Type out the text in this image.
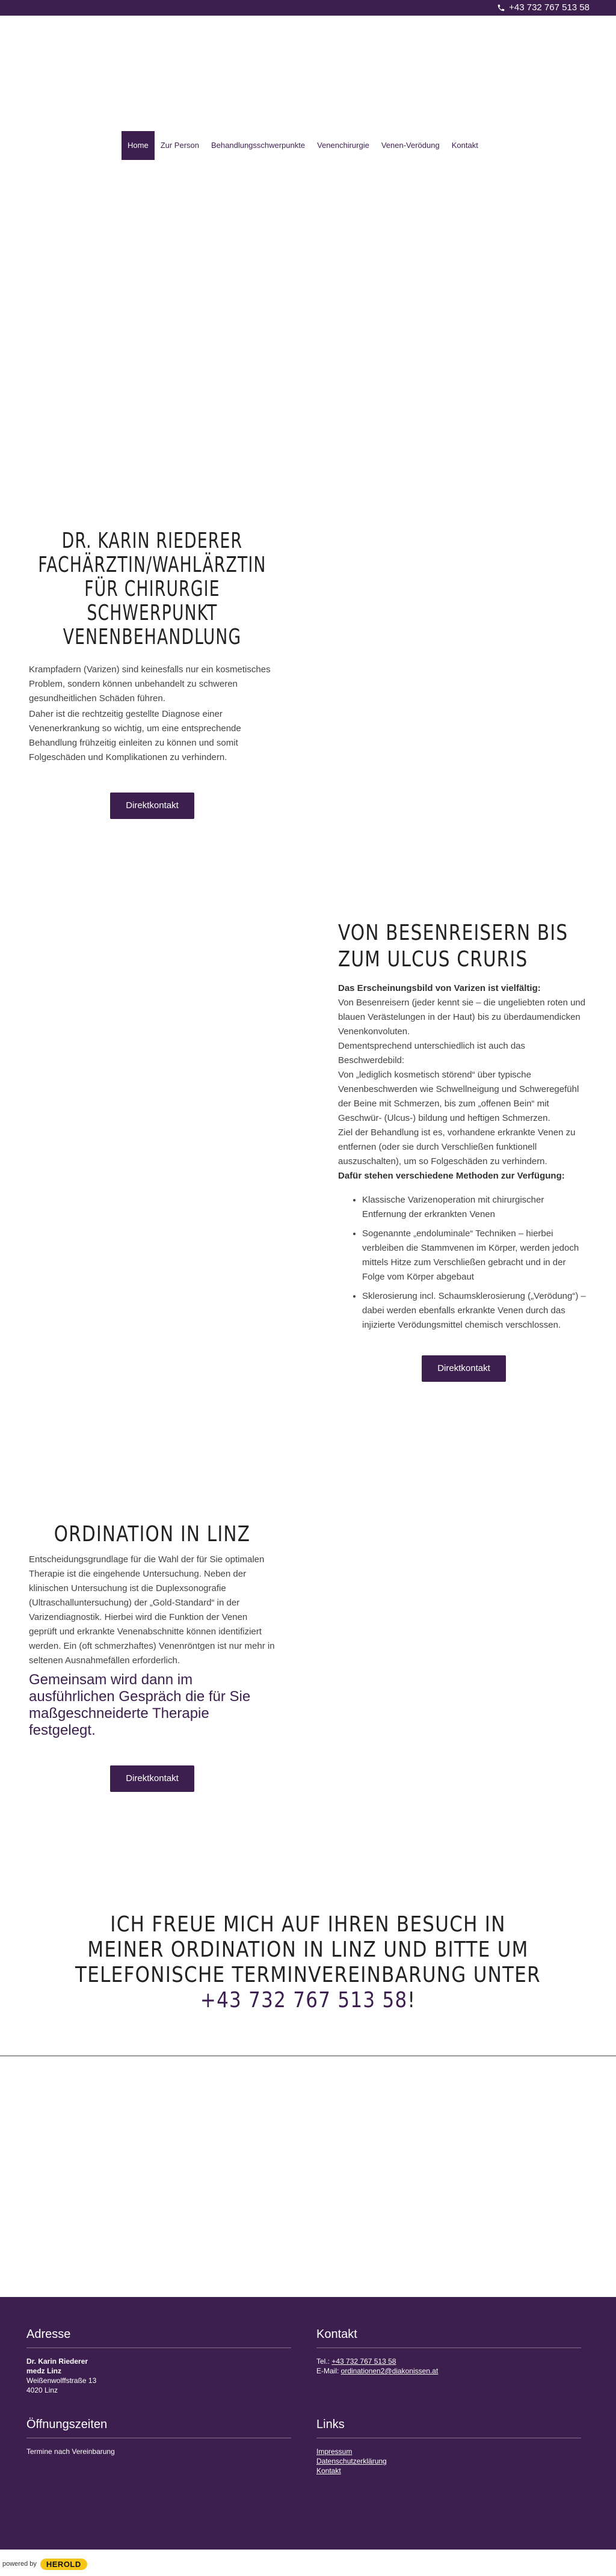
+43 732 767 513 58
Home	Zur Person	Behandlungsschwerpunkte	Venenchirurgie	Venen-Verödung	Kontakt
DR. KARIN RIEDERER FACHÄRZTIN/WAHLÄRZTIN FÜR CHIRURGIE SCHWERPUNKT VENENBEHANDLUNG

Krampfadern (Varizen) sind keinesfalls nur ein kosmetisches Problem, sondern können unbehandelt zu schweren gesundheitlichen Schäden führen.

Daher ist die rechtzeitig gestellte Diagnose einer Venenerkrankung so wichtig, um eine entsprechende Behandlung frühzeitig einleiten zu können und somit Folgeschäden und Komplikationen zu verhindern.

Direktkontakt
VON BESENREISERN BIS ZUM ULCUS CRURIS

Das Erscheinungsbild von Varizen ist vielfältig:

Von Besenreisern (jeder kennt sie – die ungeliebten roten und blauen Verästelungen in der Haut) bis zu überdaumendicken Venenkonvoluten.

Dementsprechend unterschiedlich ist auch das Beschwerdebild:

Von „lediglich kosmetisch störend“ über typische Venenbeschwerden wie Schwellneigung und Schweregefühl der Beine mit Schmerzen, bis zum „offenen Bein“ mit Geschwür- (Ulcus-) bildung und heftigen Schmerzen.

Ziel der Behandlung ist es, vorhandene erkrankte Venen zu entfernen (oder sie durch Verschließen funktionell auszuschalten), um so Folgeschäden zu verhindern.

Dafür stehen verschiedene Methoden zur Verfügung:

• Klassische Varizenoperation mit chirurgischer Entfernung der erkrankten Venen
• Sogenannte „endoluminale“ Techniken – hierbei verbleiben die Stammvenen im Körper, werden jedoch mittels Hitze zum Verschließen gebracht und in der Folge vom Körper abgebaut
• Sklerosierung incl. Schaumsklerosierung („Verödung“) – dabei werden ebenfalls erkrankte Venen durch das injizierte Verödungsmittel chemisch verschlossen.
Direktkontakt
ORDINATION IN LINZ

Entscheidungsgrundlage für die Wahl der für Sie optimalen Therapie ist die eingehende Untersuchung. Neben der klinischen Untersuchung ist die Duplexsonografie (Ultraschalluntersuchung) der „Gold-Standard“ in der Varizendiagnostik. Hierbei wird die Funktion der Venen geprüft und erkrankte Venenabschnitte können identifiziert werden. Ein (oft schmerzhaftes) Venenröntgen ist nur mehr in seltenen Ausnahmefällen erforderlich.

Gemeinsam wird dann im ausführlichen Gespräch die für Sie maßgeschneiderte Therapie festgelegt.

Direktkontakt
ICH FREUE MICH AUF IHREN BESUCH IN MEINER ORDINATION IN LINZ UND BITTE UM TELEFONISCHE TERMINVEREINBARUNG UNTER
+43 732 767 513 58!
Adresse
Dr. Karin Riederer
medz Linz
Weißenwolffstraße 13
4020 Linz
Kontakt
Tel.: +43 732 767 513 58
E-Mail: ordinationen2@diakonissen.at
Öffnungszeiten
Termine nach Vereinbarung
Links
Impressum
Datenschutzerklärung
Kontakt
powered by	HEROLD
